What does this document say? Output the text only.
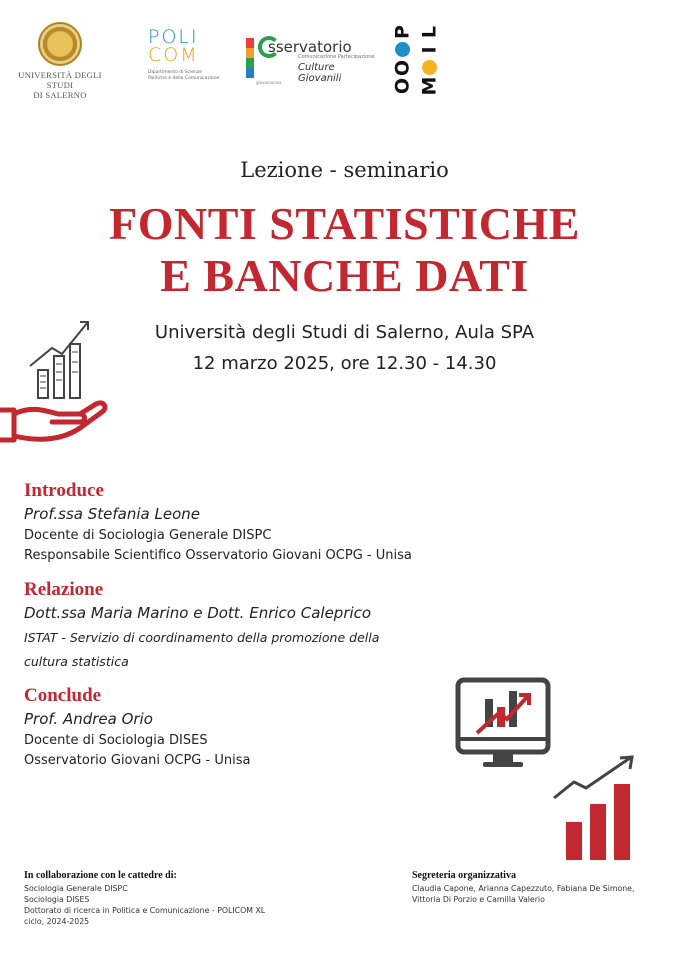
UNIVERSITÀ DEGLI STUDI
DI SALERNO
POLI
COM
Dipartimento di Scienze
Politiche e della Comunicazione
sservatorio
Comunicazione Partecipazione
Culture Giovanili
giovaniunisa
P L
I
O
O M
Lezione - seminario
FONTI STATISTICHE
E BANCHE DATI
Università degli Studi di Salerno, Aula SPA
12 marzo 2025, ore 12.30 - 14.30
Introduce
Prof.ssa Stefania Leone
Docente di Sociologia Generale DISPC
Responsabile Scientifico Osservatorio Giovani OCPG - Unisa
Relazione
Dott.ssa Maria Marino e Dott. Enrico Caleprico
ISTAT - Servizio di coordinamento della promozione della
cultura statistica
Conclude
Prof. Andrea Orio
Docente di Sociologia DISES
Osservatorio Giovani OCPG - Unisa
In collaborazione con le cattedre di:
Sociologia Generale DISPC
Sociologia DISES
Dottorato di ricerca in Politica e Comunicazione - POLICOM XL
ciclo, 2024-2025
Segreteria organizzativa
Claudia Capone, Arianna Capezzuto, Fabiana De Simone,
Vittoria Di Porzio e Camilla Valerio
